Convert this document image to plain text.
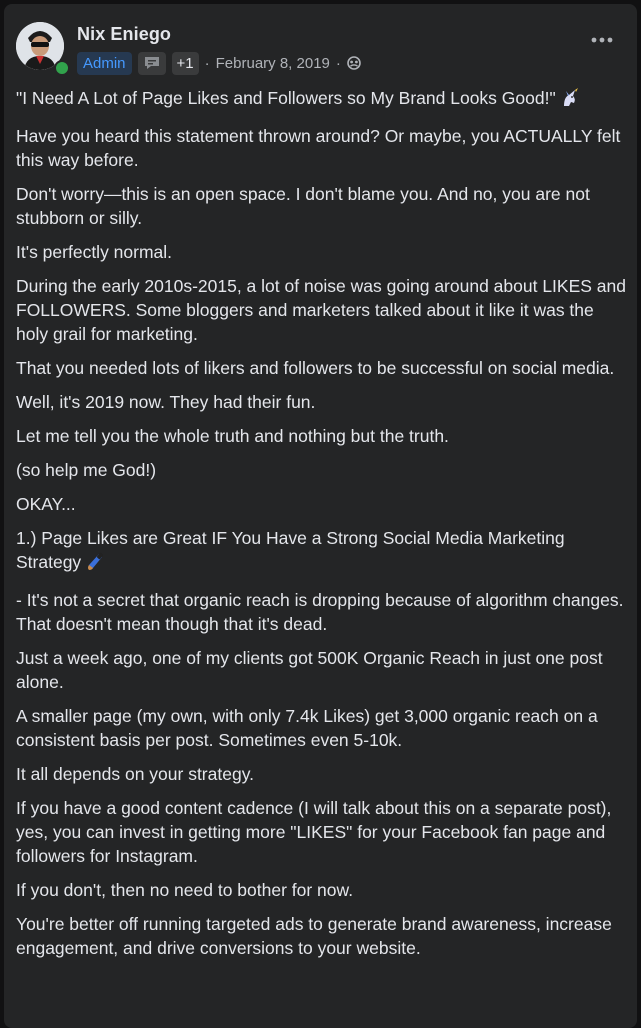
Nix Eniego
Admin	+1 · February 8, 2019 ·

"I Need A Lot of Page Likes and Followers so My Brand Looks Good!"

Have you heard this statement thrown around? Or maybe, you ACTUALLY felt this way before.

Don't worry—this is an open space. I don't blame you. And no, you are not stubborn or silly.

It's perfectly normal.

During the early 2010s-2015, a lot of noise was going around about LIKES and FOLLOWERS. Some bloggers and marketers talked about it like it was the holy grail for marketing.

That you needed lots of likers and followers to be successful on social media.

Well, it's 2019 now. They had their fun.

Let me tell you the whole truth and nothing but the truth.

(so help me God!)

OKAY...

1.) Page Likes are Great IF You Have a Strong Social Media Marketing Strategy

- It's not a secret that organic reach is dropping because of algorithm changes. That doesn't mean though that it's dead.

Just a week ago, one of my clients got 500K Organic Reach in just one post alone.

A smaller page (my own, with only 7.4k Likes) get 3,000 organic reach on a consistent basis per post. Sometimes even 5-10k.

It all depends on your strategy.

If you have a good content cadence (I will talk about this on a separate post), yes, you can invest in getting more "LIKES" for your Facebook fan page and followers for Instagram.

If you don't, then no need to bother for now.

You're better off running targeted ads to generate brand awareness, increase engagement, and drive conversions to your website.
